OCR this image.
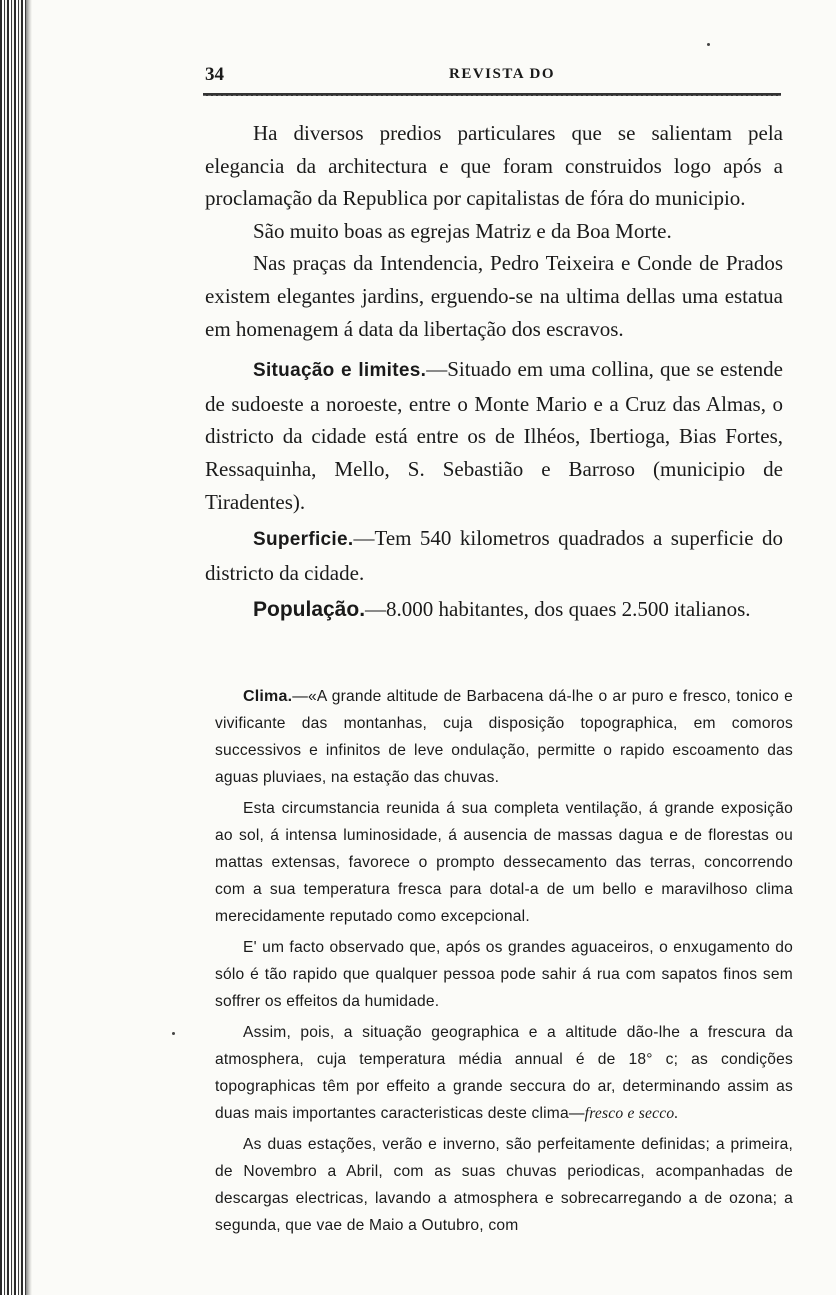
34	REVISTA DO

Ha diversos predios particulares que se salientam pela elegancia da architectura e que foram construidos logo após a proclamação da Republica por capitalistas de fóra do municipio.

São muito boas as egrejas Matriz e da Boa Morte.

Nas praças da Intendencia, Pedro Teixeira e Conde de Prados existem elegantes jardins, erguendo-se na ultima dellas uma estatua em homenagem á data da libertação dos escravos.

Situação e limites.—Situado em uma collina, que se estende de sudoeste a noroeste, entre o Monte Mario e a Cruz das Almas, o districto da cidade está entre os de Ilhéos, Ibertioga, Bias Fortes, Ressaquinha, Mello, S. Sebastião e Barroso (municipio de Tiradentes).

Superficie.—Tem 540 kilometros quadrados a superficie do districto da cidade.

População.—8.000 habitantes, dos quaes 2.500 italianos.

Clima.—«A grande altitude de Barbacena dá-lhe o ar puro e fresco, tonico e vivificante das montanhas, cuja disposição topographica, em comoros successivos e infinitos de leve ondulação, permitte o rapido escoamento das aguas pluviaes, na estação das chuvas.

Esta circumstancia reunida á sua completa ventilação, á grande exposição ao sol, á intensa luminosidade, á ausencia de massas dagua e de florestas ou mattas extensas, favorece o prompto dessecamento das terras, concorrendo com a sua temperatura fresca para dotal-a de um bello e maravilhoso clima merecidamente reputado como excepcional.

E' um facto observado que, após os grandes aguaceiros, o enxugamento do sólo é tão rapido que qualquer pessoa pode sahir á rua com sapatos finos sem soffrer os effeitos da humidade.

Assim, pois, a situação geographica e a altitude dão-lhe a frescura da atmosphera, cuja temperatura média annual é de 18° c; as condições topographicas têm por effeito a grande seccura do ar, determinando assim as duas mais importantes caracteristicas deste clima—fresco e secco.

As duas estações, verão e inverno, são perfeitamente definidas; a primeira, de Novembro a Abril, com as suas chuvas periodicas, acompanhadas de descargas electricas, lavando a atmosphera e sobrecarregando a de ozona; a segunda, que vae de Maio a Outubro, com
